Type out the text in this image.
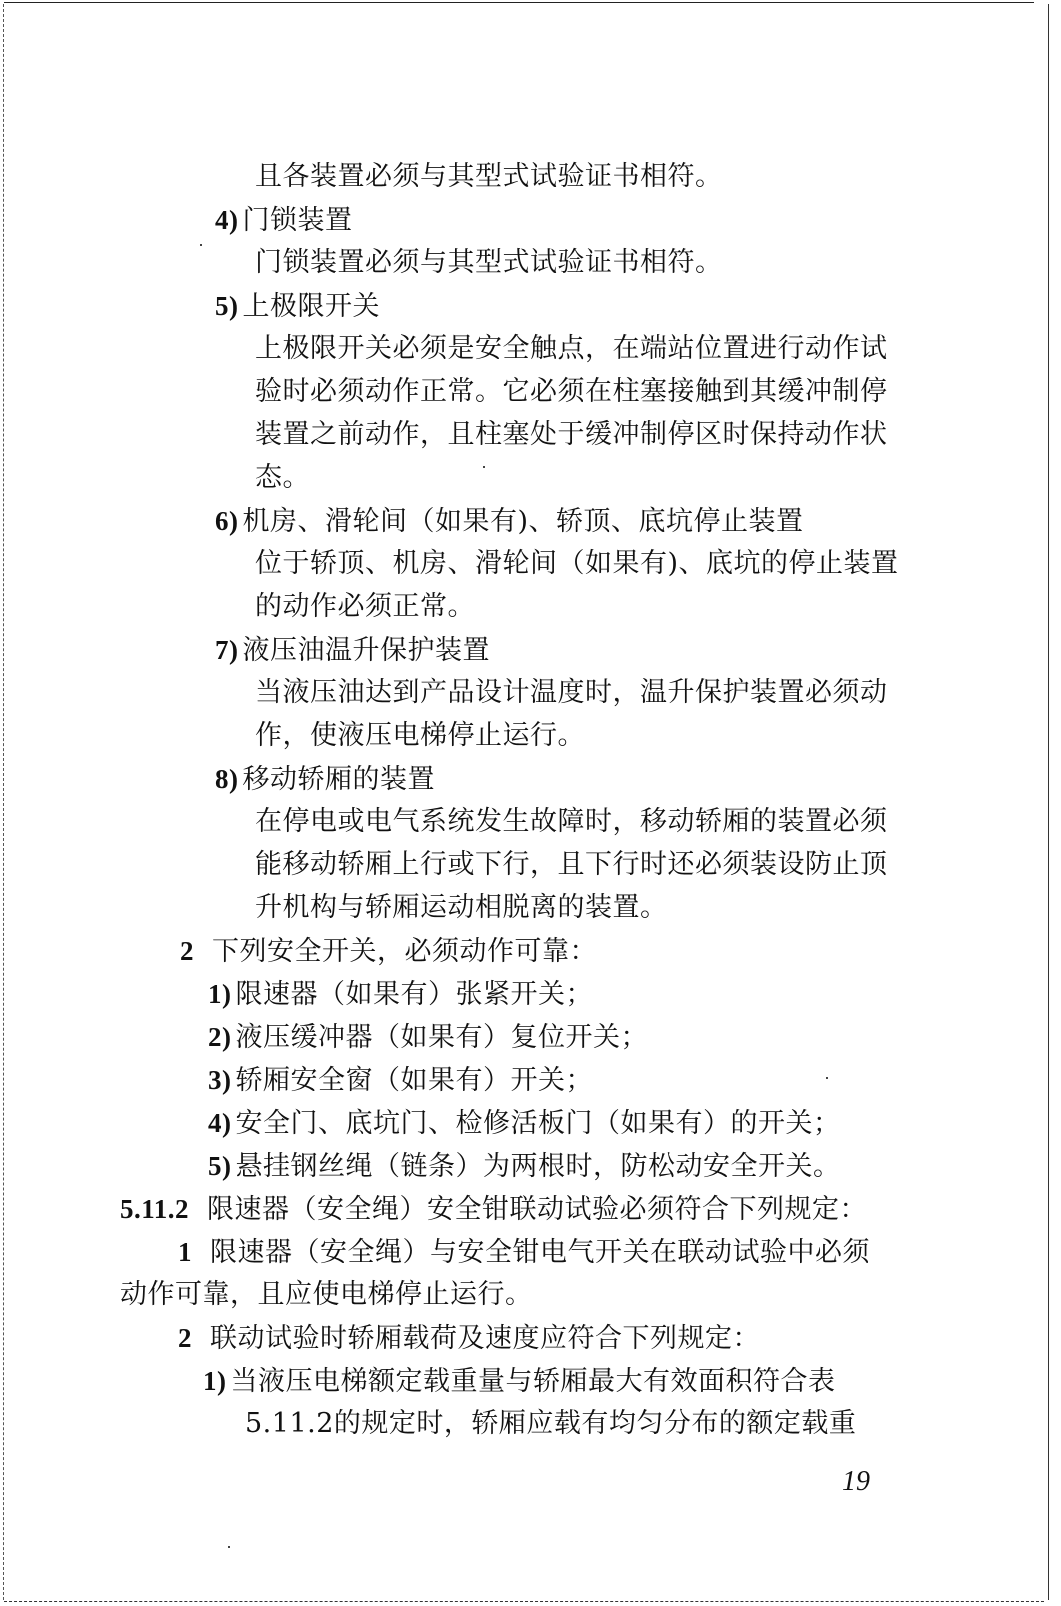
且各装置必须与其型式试验证书相符。
4) 门锁装置
门锁装置必须与其型式试验证书相符。
5) 上极限开关
上极限开关必须是安全触点，在端站位置进行动作试
验时必须动作正常。它必须在柱塞接触到其缓冲制停
装置之前动作，且柱塞处于缓冲制停区时保持动作状
态。
6) 机房、滑轮间（如果有)、轿顶、底坑停止装置
位于轿顶、机房、滑轮间（如果有)、底坑的停止装置
的动作必须正常。
7) 液压油温升保护装置
当液压油达到产品设计温度时，温升保护装置必须动
作，使液压电梯停止运行。
8) 移动轿厢的装置
在停电或电气系统发生故障时，移动轿厢的装置必须
能移动轿厢上行或下行，且下行时还必须装设防止顶
升机构与轿厢运动相脱离的装置。
2 下列安全开关，必须动作可靠：
1) 限速器（如果有）张紧开关；
2) 液压缓冲器（如果有）复位开关；
3) 轿厢安全窗（如果有）开关；
4) 安全门、底坑门、检修活板门（如果有）的开关；
5) 悬挂钢丝绳（链条）为两根时，防松动安全开关。
5.11.2 限速器（安全绳）安全钳联动试验必须符合下列规定：
1 限速器（安全绳）与安全钳电气开关在联动试验中必须
动作可靠，且应使电梯停止运行。
2 联动试验时轿厢载荷及速度应符合下列规定：
1) 当液压电梯额定载重量与轿厢最大有效面积符合表
5.11.2的规定时，轿厢应载有均匀分布的额定载重
19
